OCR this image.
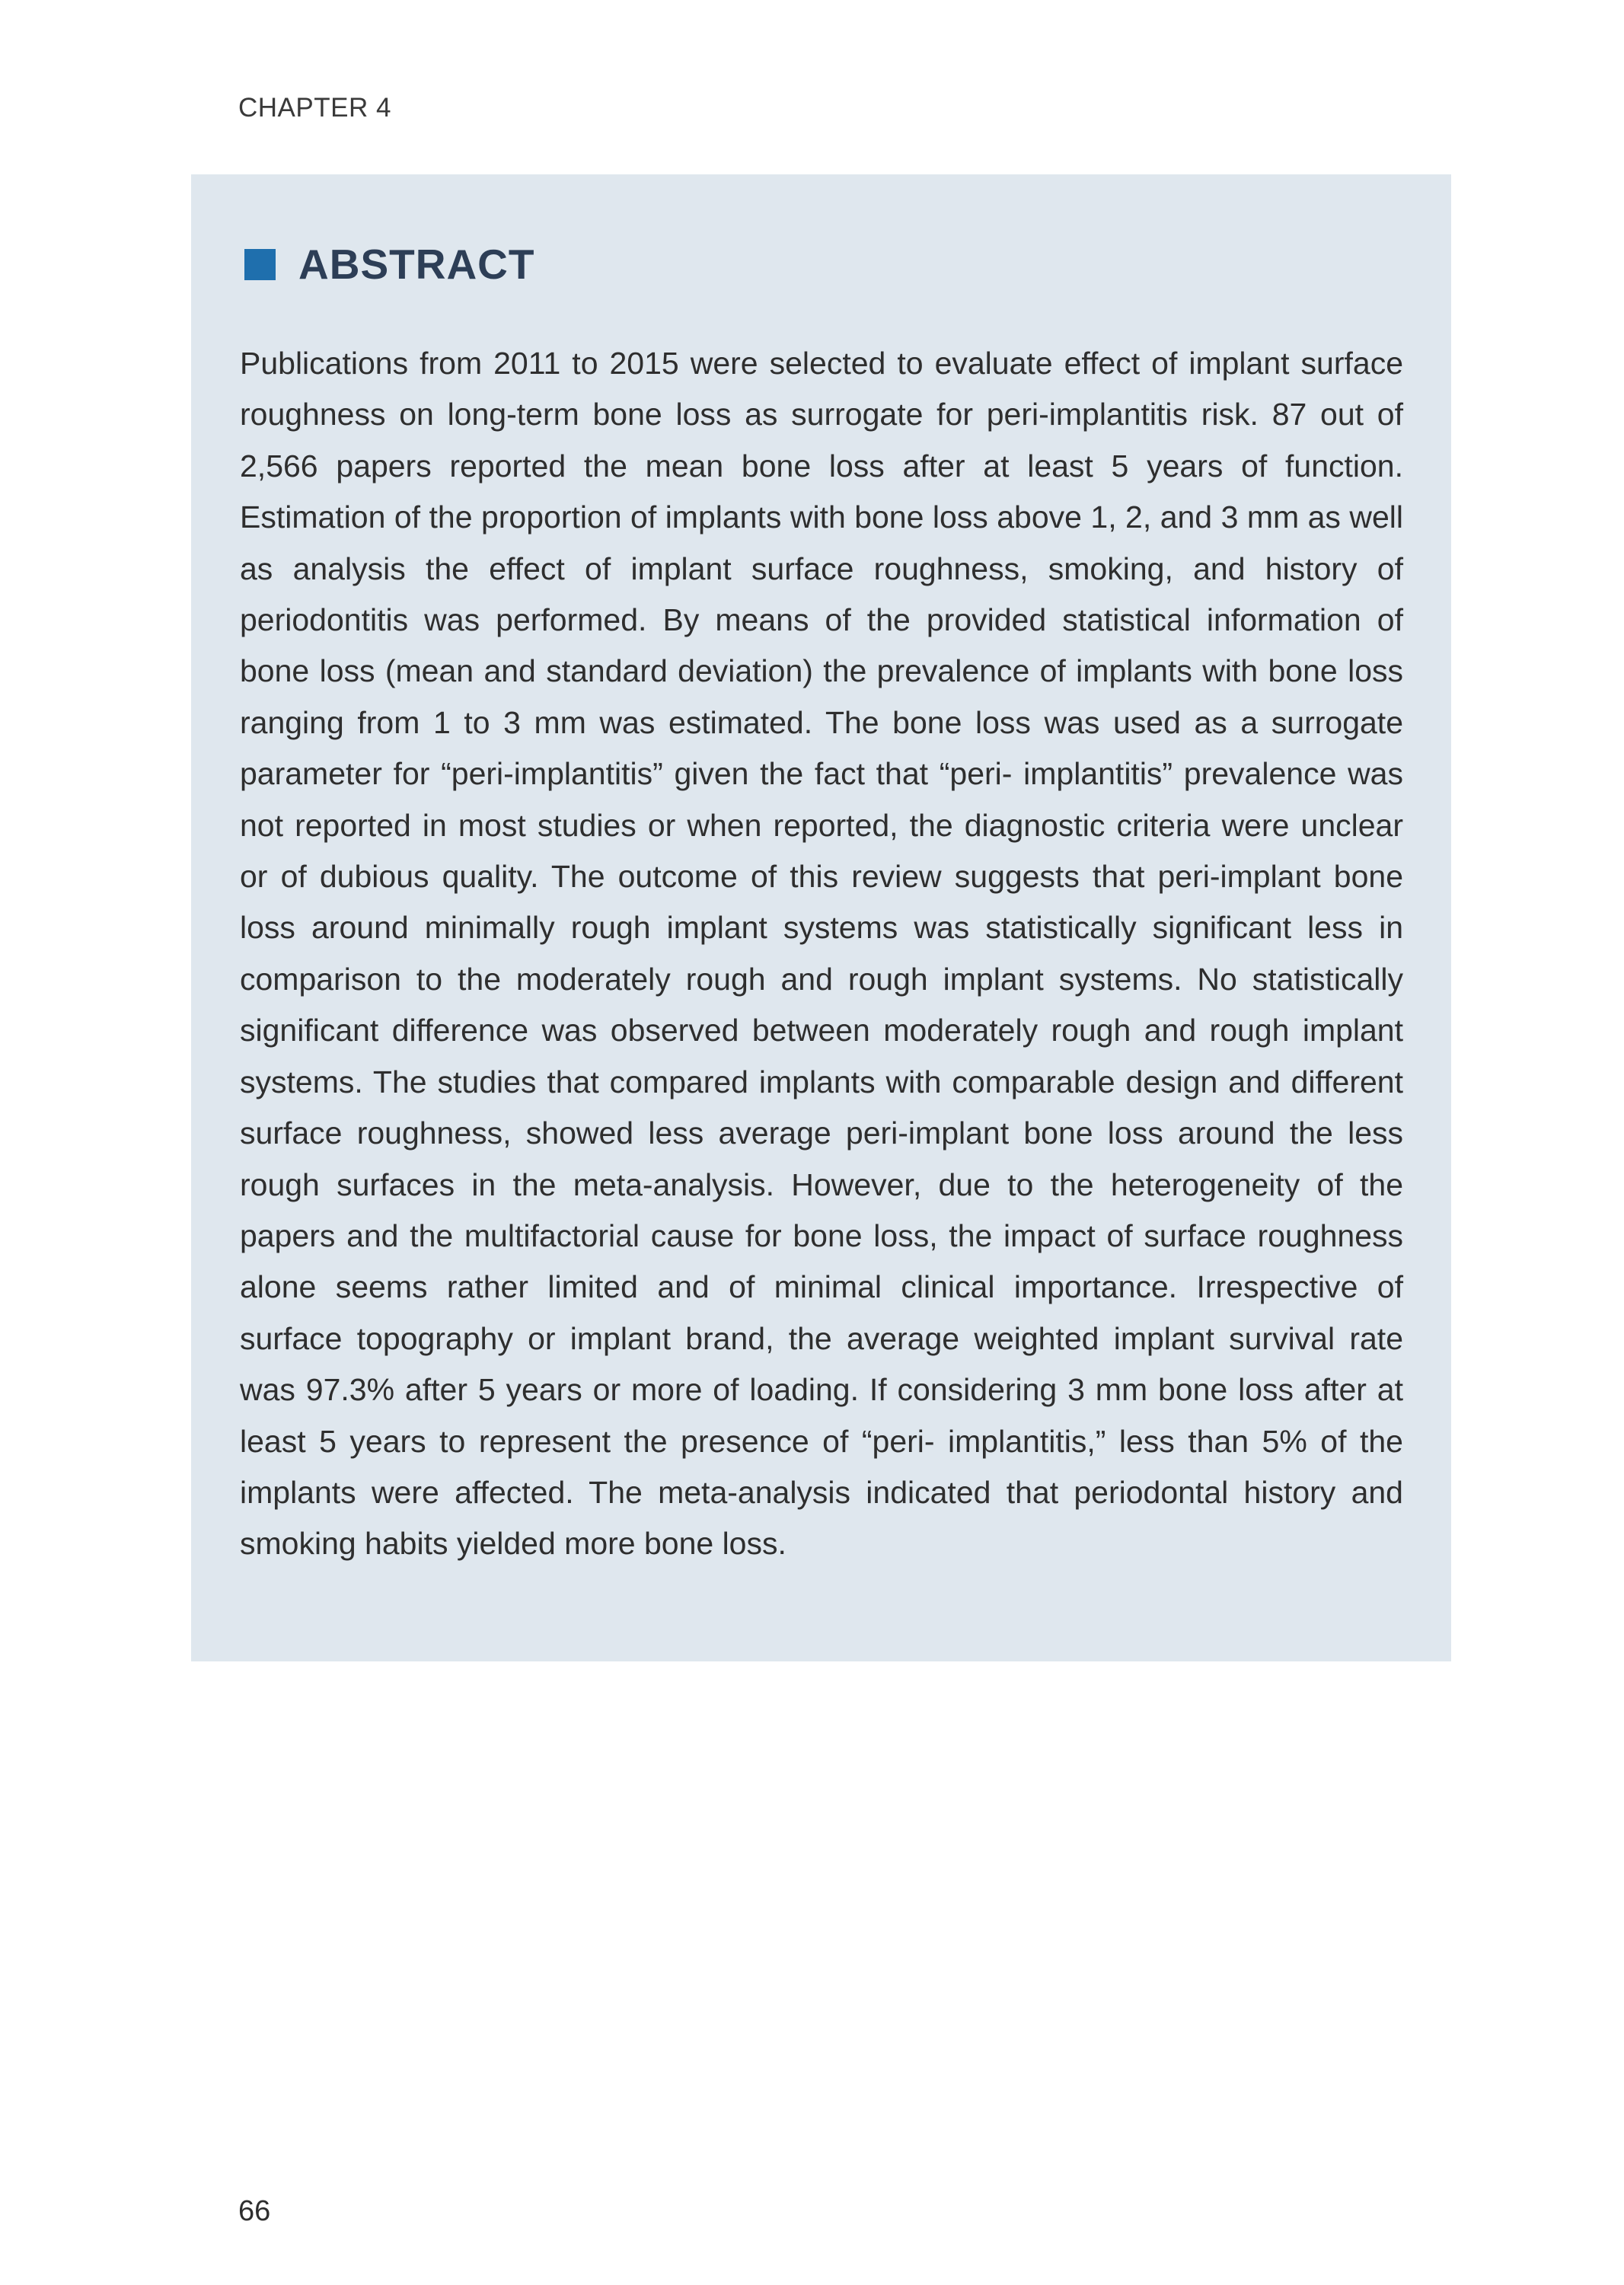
CHAPTER 4
ABSTRACT

Publications from 2011 to 2015 were selected to evaluate effect of implant surface roughness on long-term bone loss as surrogate for peri-implantitis risk. 87 out of 2,566 papers reported the mean bone loss after at least 5 years of function. Estimation of the proportion of implants with bone loss above 1, 2, and 3 mm as well as analysis the effect of implant surface roughness, smoking, and history of periodontitis was performed. By means of the provided statistical information of bone loss (mean and standard deviation) the prevalence of implants with bone loss ranging from 1 to 3 mm was estimated. The bone loss was used as a surrogate parameter for “peri-implantitis” given the fact that “peri- implantitis” prevalence was not reported in most studies or when reported, the diagnostic criteria were unclear or of dubious quality. The outcome of this review suggests that peri-implant bone loss around minimally rough implant systems was statistically significant less in comparison to the moderately rough and rough implant systems. No statistically significant difference was observed between moderately rough and rough implant systems. The studies that compared implants with comparable design and different surface roughness, showed less average peri-implant bone loss around the less rough surfaces in the meta-analysis. However, due to the heterogeneity of the papers and the multifactorial cause for bone loss, the impact of surface roughness alone seems rather limited and of minimal clinical importance. Irrespective of surface topography or implant brand, the average weighted implant survival rate was 97.3% after 5 years or more of loading. If considering 3 mm bone loss after at least 5 years to represent the presence of “peri- implantitis,” less than 5% of the implants were affected. The meta-analysis indicated that periodontal history and smoking habits yielded more bone loss.

66
